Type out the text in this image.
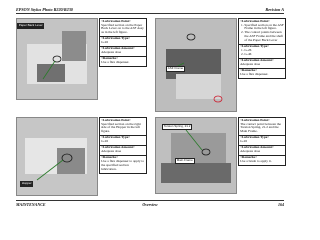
EPSON Stylus Photo R220/R230	Revision A
Paper Back Lever
<Lubrication Point>
Specified section on the Paper Back Lever on to the ASF Assy as in the left figure.
<Lubrication Type>
G-26
<Lubrication Amount>
Adequate dose
<Remarks>
Use a flux dispenser.
ASF Frame
<Lubrication Point>
1. Specified section on the ASF Frame in the left figure.
2. The contact points between the ASF Frame and the shaft of the Paper Back Lever
<Lubrication Type>
1. G-26
2. G-46
<Lubrication Amount>
Adequate dose
<Remarks>
Use a flux dispenser.
Hopper
<Lubrication Point>
Specified section on the right side of the Hopper in the left figure.
<Lubrication Type>
G-26
<Lubrication Amount>
Adequate dose
<Remarks>
Use a flux dispenser to apply to the specified section lubrication.
Torsion Spring, 21.2
Main Frame
<Lubrication Point>
The contact point between the Torsion Spring, 21.2 and the Main Frame.
<Lubrication Type>
G-26
<Lubrication Amount>
Adequate dose
<Remarks>
Use a brush to apply it.
MAINTENANCE	Overview	164
